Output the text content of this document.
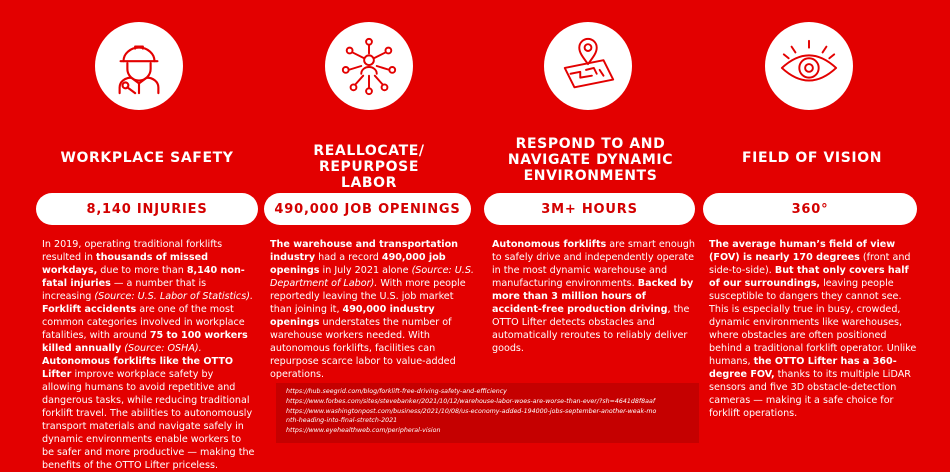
WORKPLACE SAFETY
8,140 INJURIES

In 2019, operating traditional forklifts resulted in thousands of missed workdays, due to more than 8,140 non-fatal injuries — a number that is increasing (Source: U.S. Labor of Statistics). Forklift accidents are one of the most common categories involved in workplace fatalities, with around 75 to 100 workers killed annually (Source: OSHA). Autonomous forklifts like the OTTO Lifter improve workplace safety by allowing humans to avoid repetitive and dangerous tasks, while reducing traditional forklift travel. The abilities to autonomously transport materials and navigate safely in dynamic environments enable workers to be safer and more productive — making the benefits of the OTTO Lifter priceless.

REALLOCATE/ REPURPOSE LABOR
490,000 JOB OPENINGS

The warehouse and transportation industry had a record 490,000 job openings in July 2021 alone (Source: U.S. Department of Labor). With more people reportedly leaving the U.S. job market than joining it, 490,000 industry openings understates the number of warehouse workers needed. With autonomous forklifts, facilities can repurpose scarce labor to value-added operations.

RESPOND TO AND NAVIGATE DYNAMIC ENVIRONMENTS
3M+ HOURS

Autonomous forklifts are smart enough to safely drive and independently operate in the most dynamic warehouse and manufacturing environments. Backed by more than 3 million hours of accident-free production driving, the OTTO Lifter detects obstacles and automatically reroutes to reliably deliver goods.

FIELD OF VISION
360°

The average human’s field of view (FOV) is nearly 170 degrees (front and side-to-side). But that only covers half of our surroundings, leaving people susceptible to dangers they cannot see. This is especially true in busy, crowded, dynamic environments like warehouses, where obstacles are often positioned behind a traditional forklift operator. Unlike humans, the OTTO Lifter has a 360-degree FOV, thanks to its multiple LiDAR sensors and five 3D obstacle-detection cameras — making it a safe choice for forklift operations.

https://hub.seegrid.com/blog/forklift-free-driving-safety-and-efficiency
https://www.forbes.com/sites/stevebanker/2021/10/12/warehouse-labor-woes-are-worse-than-ever/?sh=4641d8f8aaf
https://www.washingtonpost.com/business/2021/10/08/us-economy-added-194000-jobs-september-another-weak-mo
nth-heading-into-final-stretch-2021
https://www.eyehealthweb.com/peripheral-vision
